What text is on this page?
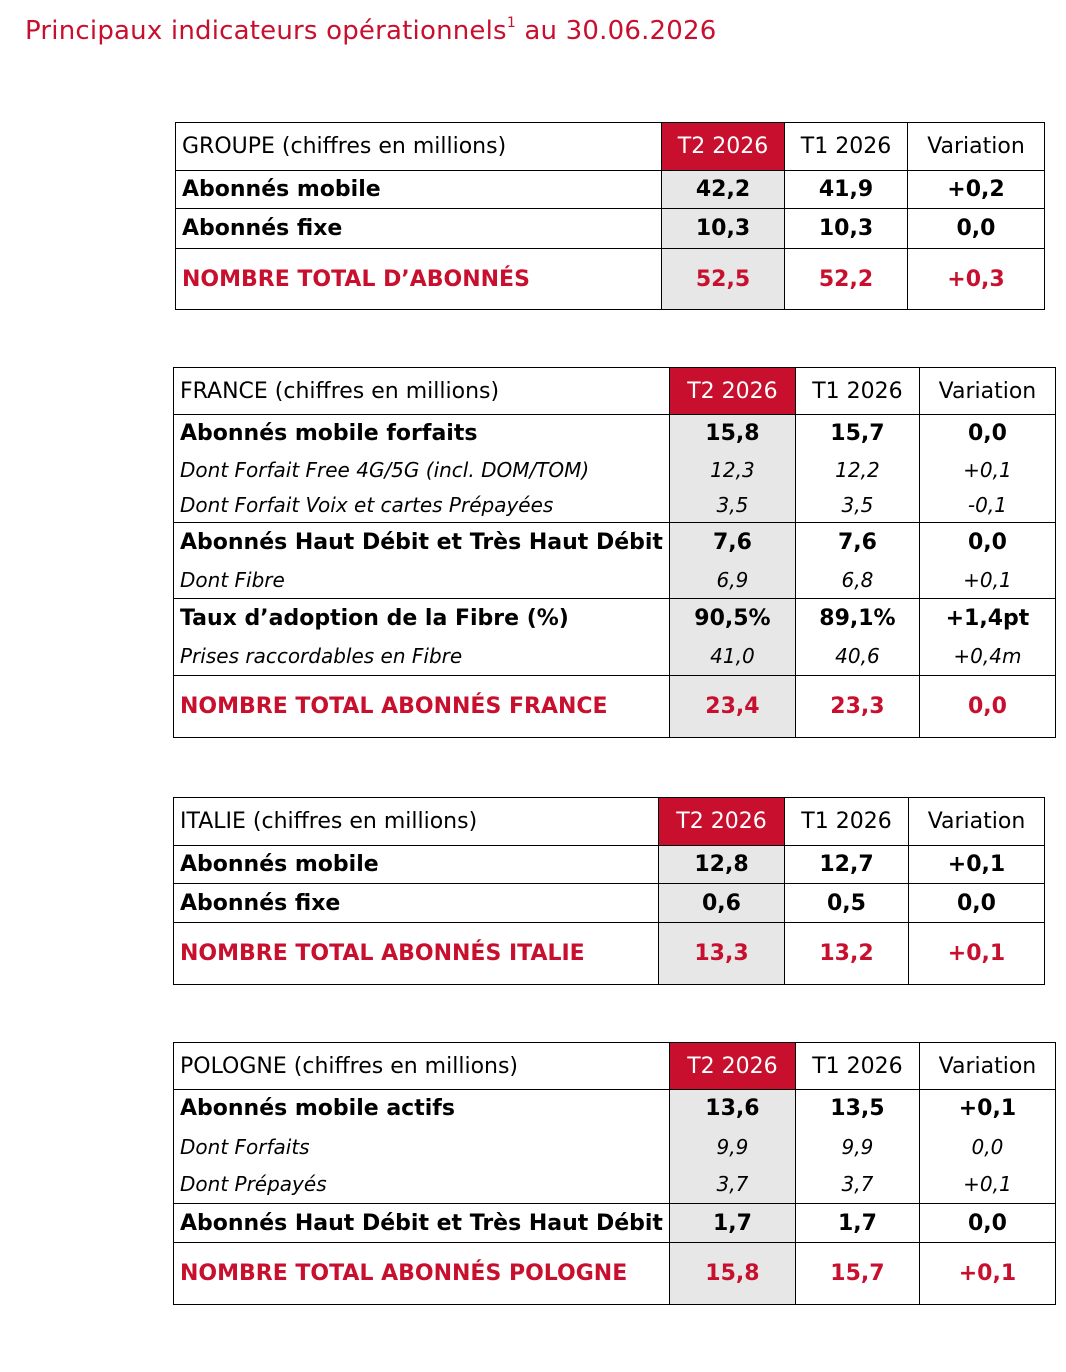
Principaux indicateurs opérationnels$^1$ au 30.06.2026
GROUPE (chiffres en millions)	T2 2026	T1 2026	Variation
Abonnés mobile	42,2	41,9	+0,2
Abonnés fixe	10,3	10,3	0,0
NOMBRE TOTAL D’ABONNÉS	52,5	52,2	+0,3
FRANCE (chiffres en millions)	T2 2026	T1 2026	Variation
Abonnés mobile forfaits	15,8	15,7	0,0
Dont Forfait Free 4G/5G (incl. DOM/TOM)	12,3	12,2	+0,1
Dont Forfait Voix et cartes Prépayées	3,5	3,5	-0,1
Abonnés Haut Débit et Très Haut Débit	7,6	7,6	0,0
Dont Fibre	6,9	6,8	+0,1
Taux d’adoption de la Fibre (%)	90,5%	89,1%	+1,4pt
Prises raccordables en Fibre	41,0	40,6	+0,4m
NOMBRE TOTAL ABONNÉS FRANCE	23,4	23,3	0,0
ITALIE (chiffres en millions)	T2 2026	T1 2026	Variation
Abonnés mobile	12,8	12,7	+0,1
Abonnés fixe	0,6	0,5	0,0
NOMBRE TOTAL ABONNÉS ITALIE	13,3	13,2	+0,1
POLOGNE (chiffres en millions)	T2 2026	T1 2026	Variation
Abonnés mobile actifs	13,6	13,5	+0,1
Dont Forfaits	9,9	9,9	0,0
Dont Prépayés	3,7	3,7	+0,1
Abonnés Haut Débit et Très Haut Débit	1,7	1,7	0,0
NOMBRE TOTAL ABONNÉS POLOGNE	15,8	15,7	+0,1
